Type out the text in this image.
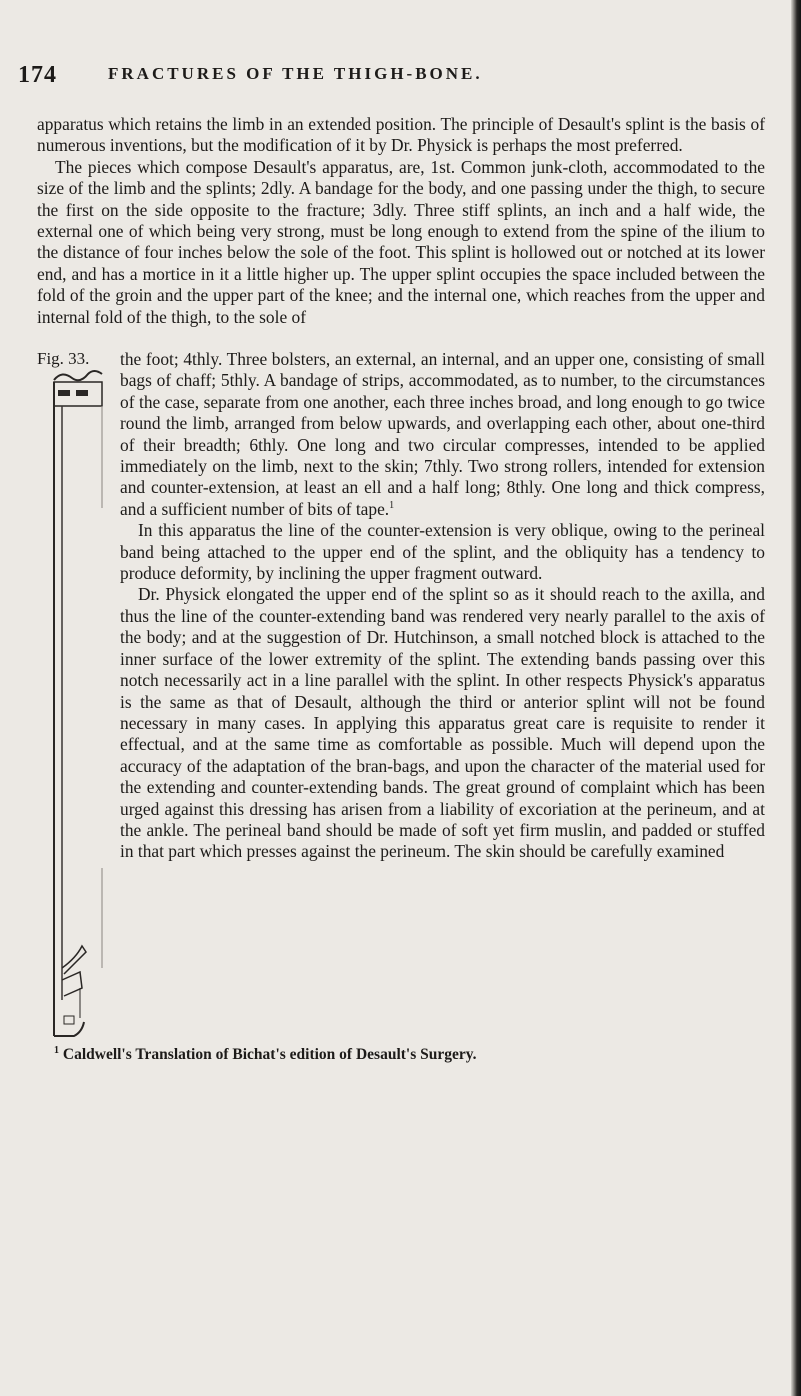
174	FRACTURES OF THE THIGH-BONE.

apparatus which retains the limb in an extended position. The principle of Desault's splint is the basis of numerous inventions, but the modification of it by Dr. Physick is perhaps the most preferred.

The pieces which compose Desault's apparatus, are, 1st. Common junk-cloth, accommodated to the size of the limb and the splints; 2dly. A bandage for the body, and one passing under the thigh, to secure the first on the side opposite to the fracture; 3dly. Three stiff splints, an inch and a half wide, the external one of which being very strong, must be long enough to extend from the spine of the ilium to the distance of four inches below the sole of the foot. This splint is hollowed out or notched at its lower end, and has a mortice in it a little higher up. The upper splint occupies the space included between the fold of the groin and the upper part of the knee; and the internal one, which reaches from the upper and internal fold of the thigh, to the sole of

Fig. 33. the foot; 4thly. Three bolsters, an external, an internal, and an upper one, consisting of small bags of chaff; 5thly. A bandage of strips, accommodated, as to number, to the circumstances of the case, separate from one another, each three inches broad, and long enough to go twice round the limb, arranged from below upwards, and overlapping each other, about one-third of their breadth; 6thly. One long and two circular compresses, intended to be applied immediately on the limb, next to the skin; 7thly. Two strong rollers, intended for extension and counter-extension, at least an ell and a half long; 8thly. One long and thick compress, and a sufficient number of bits of tape.$^1$

In this apparatus the line of the counter-extension is very oblique, owing to the perineal band being attached to the upper end of the splint, and the obliquity has a tendency to produce deformity, by inclining the upper fragment outward.

Dr. Physick elongated the upper end of the splint so as it should reach to the axilla, and thus the line of the counter-extending band was rendered very nearly parallel to the axis of the body; and at the suggestion of Dr. Hutchinson, a small notched block is attached to the inner surface of the lower extremity of the splint. The extending bands passing over this notch necessarily act in a line parallel with the splint. In other respects Physick's apparatus is the same as that of Desault, although the third or anterior splint will not be found necessary in many cases. In applying this apparatus great care is requisite to render it effectual, and at the same time as comfortable as possible. Much will depend upon the accuracy of the adaptation of the bran-bags, and upon the character of the material used for the extending and counter-extending bands. The great ground of complaint which has been urged against this dressing has arisen from a liability of excoriation at the perineum, and at the ankle. The perineal band should be made of soft yet firm muslin, and padded or stuffed in that part which presses against the perineum. The skin should be carefully examined

$^1$ Caldwell's Translation of Bichat's edition of Desault's Surgery.
